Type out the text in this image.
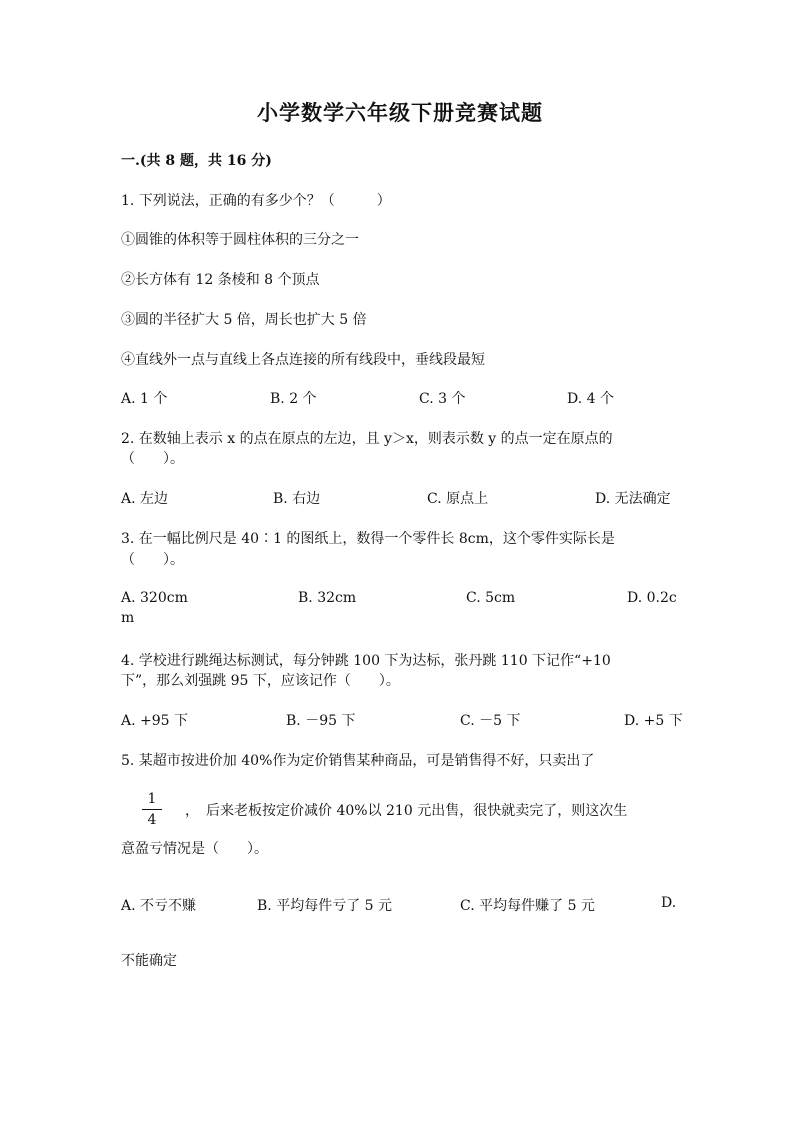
小学数学六年级下册竞赛试题
一.(共 8 题，共 16 分)
1. 下列说法，正确的有多少个？（　　　）
①圆锥的体积等于圆柱体积的三分之一
②长方体有 12 条棱和 8 个顶点
③圆的半径扩大 5 倍，周长也扩大 5 倍
④直线外一点与直线上各点连接的所有线段中，垂线段最短
A. 1 个	B. 2 个	C. 3 个	D. 4 个
2. 在数轴上表示 x 的点在原点的左边，且 y＞x，则表示数 y 的点一定在原点的
（　　）。
A. 左边	B. 右边	C. 原点上	D. 无法确定
3. 在一幅比例尺是 40∶1 的图纸上，数得一个零件长 8cm，这个零件实际长是
（　　）。
A. 320cm	B. 32cm	C. 5cm	D. 0.2c
m
4. 学校进行跳绳达标测试，每分钟跳 100 下为达标，张丹跳 110 下记作“+10
下”，那么刘强跳 95 下，应该记作（　　）。
A. +95 下	B. －95 下	C. －5 下	D. +5 下
5. 某超市按进价加 40%作为定价销售某种商品，可是销售得不好，只卖出了
1
4
，　后来老板按定价减价 40%以 210 元出售，很快就卖完了，则这次生
意盈亏情况是（　　）。
A. 不亏不赚	B. 平均每件亏了 5 元	C. 平均每件赚了 5 元	D.
不能确定
